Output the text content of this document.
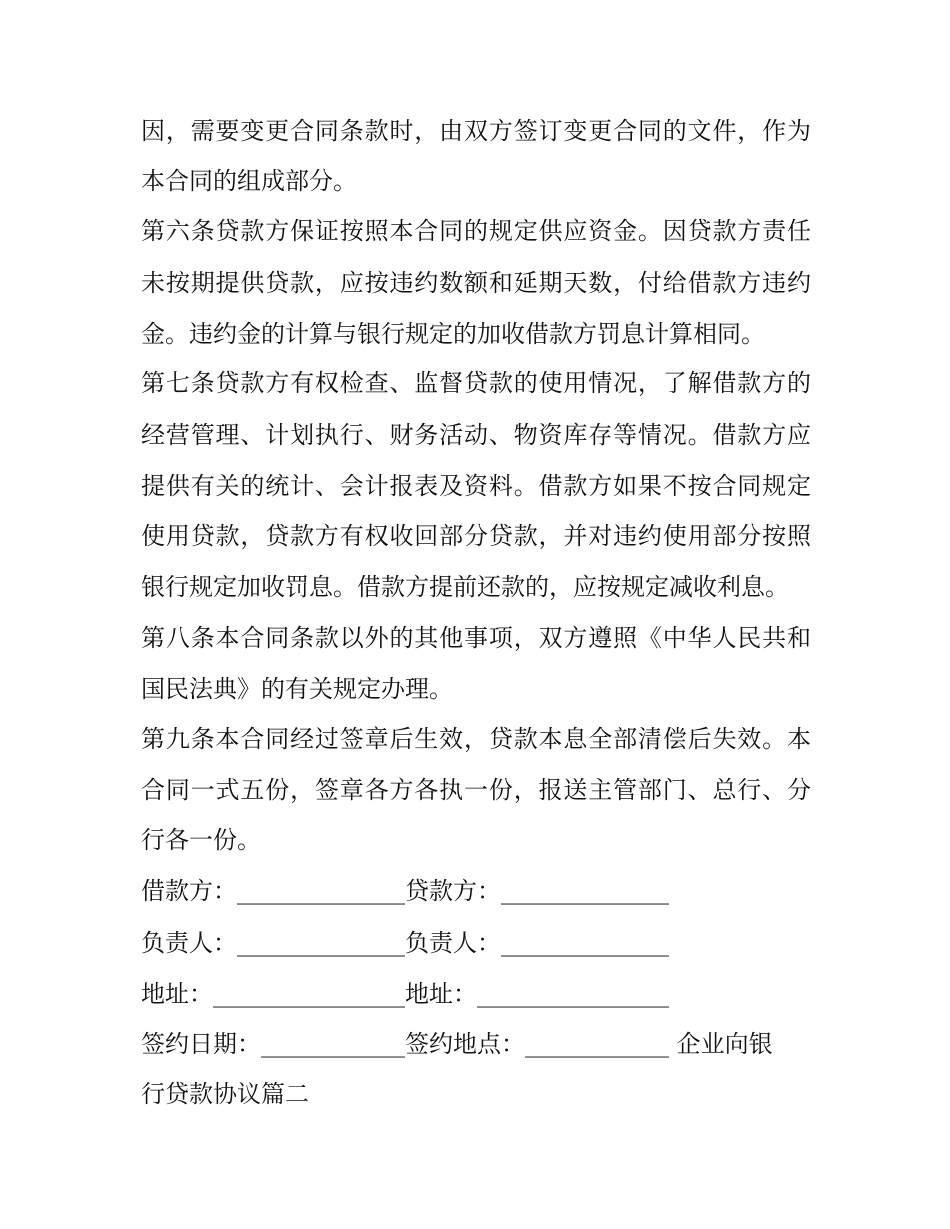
因，需要变更合同条款时，由双方签订变更合同的文件，作为
本合同的组成部分。
第六条贷款方保证按照本合同的规定供应资金。因贷款方责任
未按期提供贷款，应按违约数额和延期天数，付给借款方违约
金。违约金的计算与银行规定的加收借款方罚息计算相同。
第七条贷款方有权检查、监督贷款的使用情况，了解借款方的
经营管理、计划执行、财务活动、物资库存等情况。借款方应
提供有关的统计、会计报表及资料。借款方如果不按合同规定
使用贷款，贷款方有权收回部分贷款，并对违约使用部分按照
银行规定加收罚息。借款方提前还款的，应按规定减收利息。
第八条本合同条款以外的其他事项，双方遵照《中华人民共和
国民法典》的有关规定办理。
第九条本合同经过签章后生效，贷款本息全部清偿后失效。本
合同一式五份，签章各方各执一份，报送主管部门、总行、分
行各一份。
借款方：______________贷款方：______________
负责人：______________负责人：______________
地址：________________地址：________________
签约日期：____________签约地点：____________ 企业向银
行贷款协议篇二
